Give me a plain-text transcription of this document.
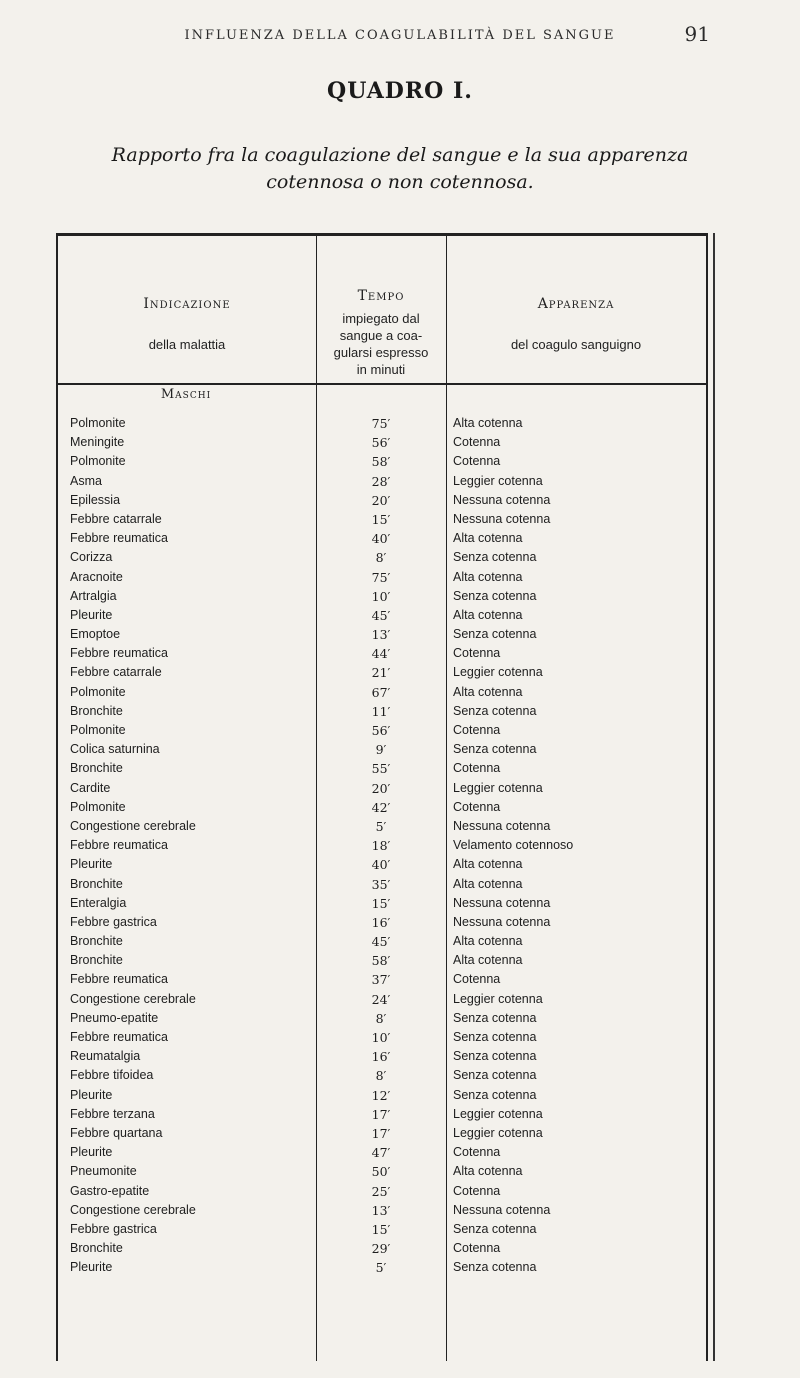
INFLUENZA DELLA COAGULABILITÀ DEL SANGUE	91
QUADRO I.
Rapporto fra la coagulazione del sangue e la sua apparenza
cotennosa o non cotennosa.
Indicazione
della malattia
Tempo
impiegato dal
sangue a coa-
gularsi espresso
in minuti
Apparenza
del coagulo sanguigno
Maschi
Polmonite	75′	Alta cotenna
Meningite	56′	Cotenna
Polmonite	58′	Cotenna
Asma	28′	Leggier cotenna
Epilessia	20′	Nessuna cotenna
Febbre catarrale	15′	Nessuna cotenna
Febbre reumatica	40′	Alta cotenna
Corizza	8′	Senza cotenna
Aracnoite	75′	Alta cotenna
Artralgia	10′	Senza cotenna
Pleurite	45′	Alta cotenna
Emoptoe	13′	Senza cotenna
Febbre reumatica	44′	Cotenna
Febbre catarrale	21′	Leggier cotenna
Polmonite	67′	Alta cotenna
Bronchite	11′	Senza cotenna
Polmonite	56′	Cotenna
Colica saturnina	9′	Senza cotenna
Bronchite	55′	Cotenna
Cardite	20′	Leggier cotenna
Polmonite	42′	Cotenna
Congestione cerebrale	5′	Nessuna cotenna
Febbre reumatica	18′	Velamento cotennoso
Pleurite	40′	Alta cotenna
Bronchite	35′	Alta cotenna
Enteralgia	15′	Nessuna cotenna
Febbre gastrica	16′	Nessuna cotenna
Bronchite	45′	Alta cotenna
Bronchite	58′	Alta cotenna
Febbre reumatica	37′	Cotenna
Congestione cerebrale	24′	Leggier cotenna
Pneumo-epatite	8′	Senza cotenna
Febbre reumatica	10′	Senza cotenna
Reumatalgia	16′	Senza cotenna
Febbre tifoidea	8′	Senza cotenna
Pleurite	12′	Senza cotenna
Febbre terzana	17′	Leggier cotenna
Febbre quartana	17′	Leggier cotenna
Pleurite	47′	Cotenna
Pneumonite	50′	Alta cotenna
Gastro-epatite	25′	Cotenna
Congestione cerebrale	13′	Nessuna cotenna
Febbre gastrica	15′	Senza cotenna
Bronchite	29′	Cotenna
Pleurite	5′	Senza cotenna
